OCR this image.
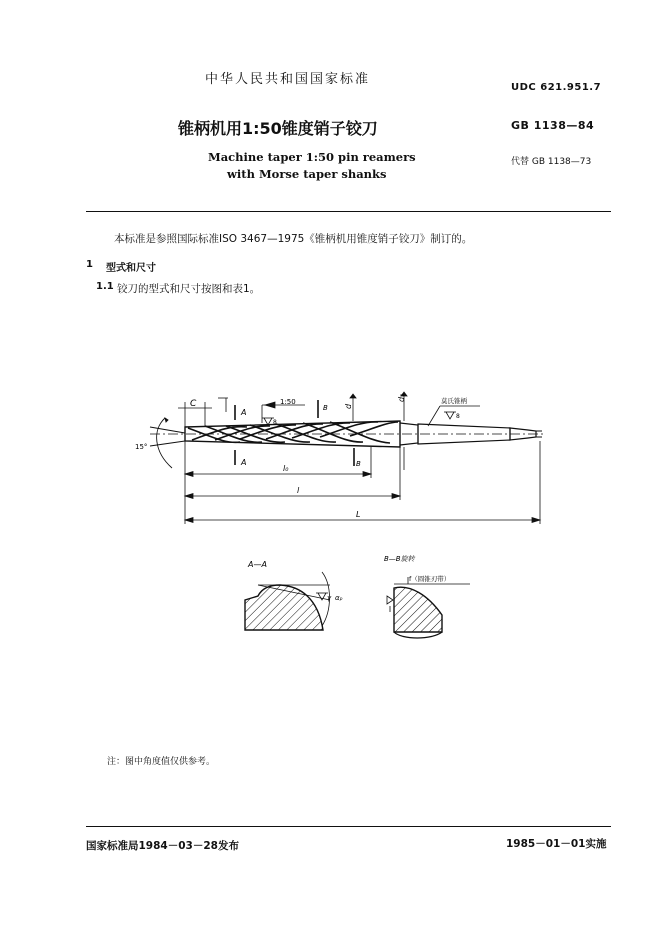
中华人民共和国国家标准
UDC 621.951.7
锥柄机用1:50锥度销子铰刀	GB 1138—84
Machine taper 1:50 pin reamers
with Morse taper shanks
代替 GB 1138—73
本标准是参照国际标准ISO 3467—1975《锥柄机用锥度销子铰刀》制订的。
1 型式和尺寸
1.1 铰刀的型式和尺寸按图和表1。
15°
C
A
A
1:50
8
B
B
d
d₁	莫氏锥柄
8
l₀
l
L
A—A
γ αₚ
B—B旋转
f（圆锥刃带）
注：图中角度值仅供参考。
国家标准局1984－03－28发布	1985－01－01实施
